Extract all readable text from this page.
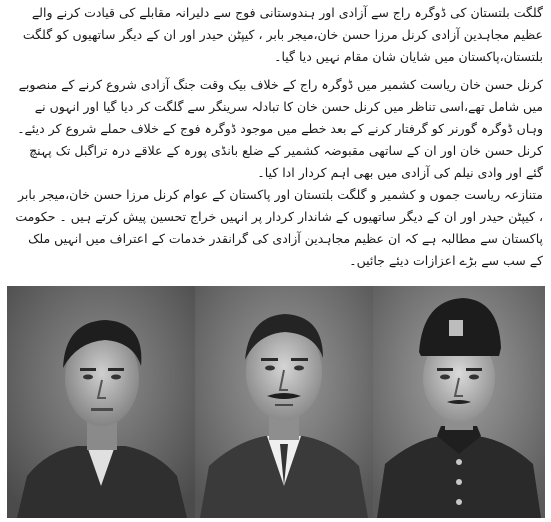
گلگت بلتستان کی ڈوگرہ راج سے آزادی اور ہندوستانی فوج سے دلیرانہ مقابلے کی قیادت کرنے والے عظیم مجاہدین آزادی کرنل مرزا حسن خان،میجر بابر ، کیپٹن حیدر اور ان کے دیگر ساتھیوں کو گلگت بلتستان،پاکستان میں شایان شان مقام نہیں دیا گیا۔

کرنل حسن خان ریاست کشمیر میں ڈوگرہ راج کے خلاف بیک وقت جنگ آزادی شروع کرنے کے منصوبے میں شامل تھے،اسی تناظر میں کرنل حسن خان کا تبادلہ سرینگر سے گلگت کر دیا گیا اور انہوں نے وہاں ڈوگرہ گورنر کو گرفتار کرنے کے بعد خطے میں موجود ڈوگرہ فوج کے خلاف حملے شروع کر دیئے۔کرنل حسن خان اور ان کے ساتھی مقبوضہ کشمیر کے ضلع بانڈی پورہ کے علاقے درہ تراگبل تک پہنچ گئے اور وادی نیلم کی آزادی میں بھی اہم کردار ادا کیا۔

متنازعہ ریاست جموں و کشمیر و گلگت بلتستان اور پاکستان کے عوام کرنل مرزا حسن خان،میجر بابر ، کیپٹن حیدر اور ان کے دیگر ساتھیوں کے شاندار کردار پر انہیں خراج تحسین پیش کرتے ہیں ۔ حکومت پاکستان سے مطالبہ ہے کہ ان عظیم مجاہدین آزادی کی گرانقدر خدمات کے اعتراف میں انہیں ملک کے سب سے بڑے اعزازات دیئے جائیں۔
